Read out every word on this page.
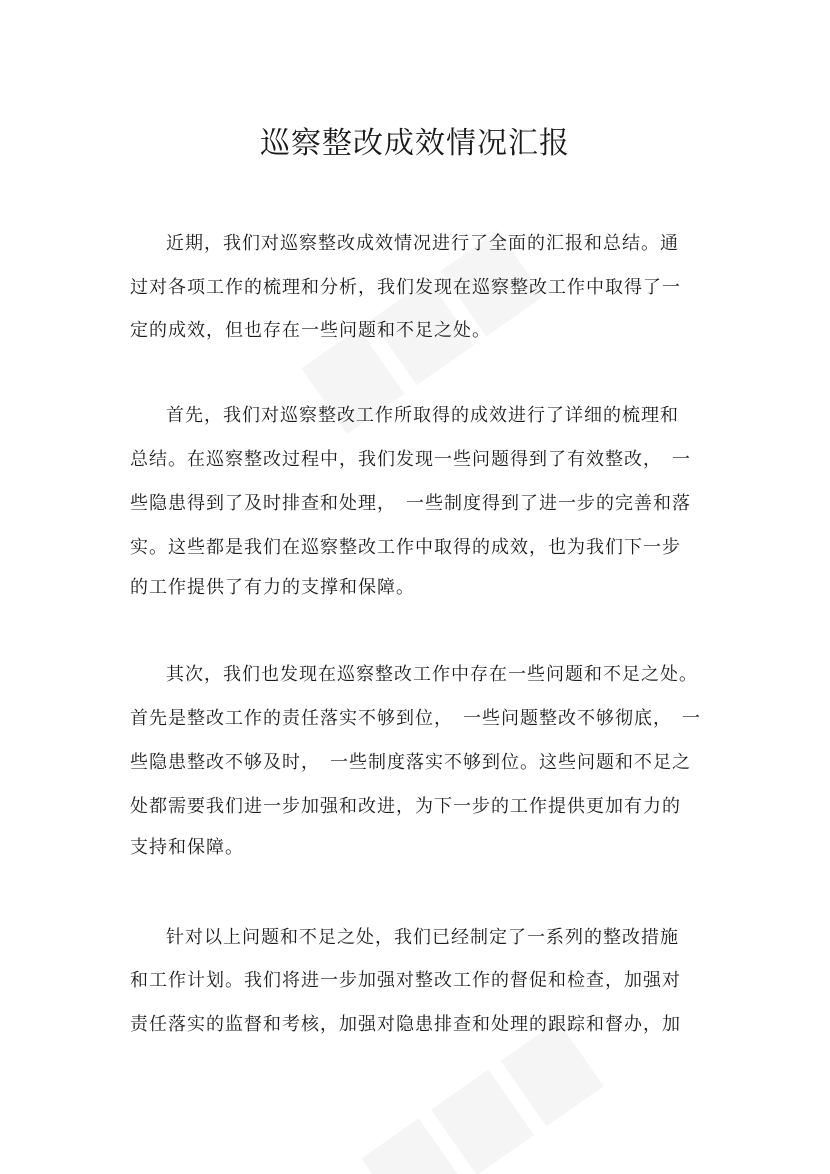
巡察整改成效情况汇报

近期，我们对巡察整改成效情况进行了全面的汇报和总结。通

过对各项工作的梳理和分析，我们发现在巡察整改工作中取得了一

定的成效，但也存在一些问题和不足之处。

首先，我们对巡察整改工作所取得的成效进行了详细的梳理和

总结。在巡察整改过程中，我们发现一些问题得到了有效整改，　一

些隐患得到了及时排查和处理，　一些制度得到了进一步的完善和落

实。这些都是我们在巡察整改工作中取得的成效，也为我们下一步

的工作提供了有力的支撑和保障。

其次，我们也发现在巡察整改工作中存在一些问题和不足之处。

首先是整改工作的责任落实不够到位，　一些问题整改不够彻底，　一

些隐患整改不够及时，　一些制度落实不够到位。这些问题和不足之

处都需要我们进一步加强和改进，为下一步的工作提供更加有力的

支持和保障。

针对以上问题和不足之处，我们已经制定了一系列的整改措施

和工作计划。我们将进一步加强对整改工作的督促和检查，加强对

责任落实的监督和考核，加强对隐患排查和处理的跟踪和督办，加
